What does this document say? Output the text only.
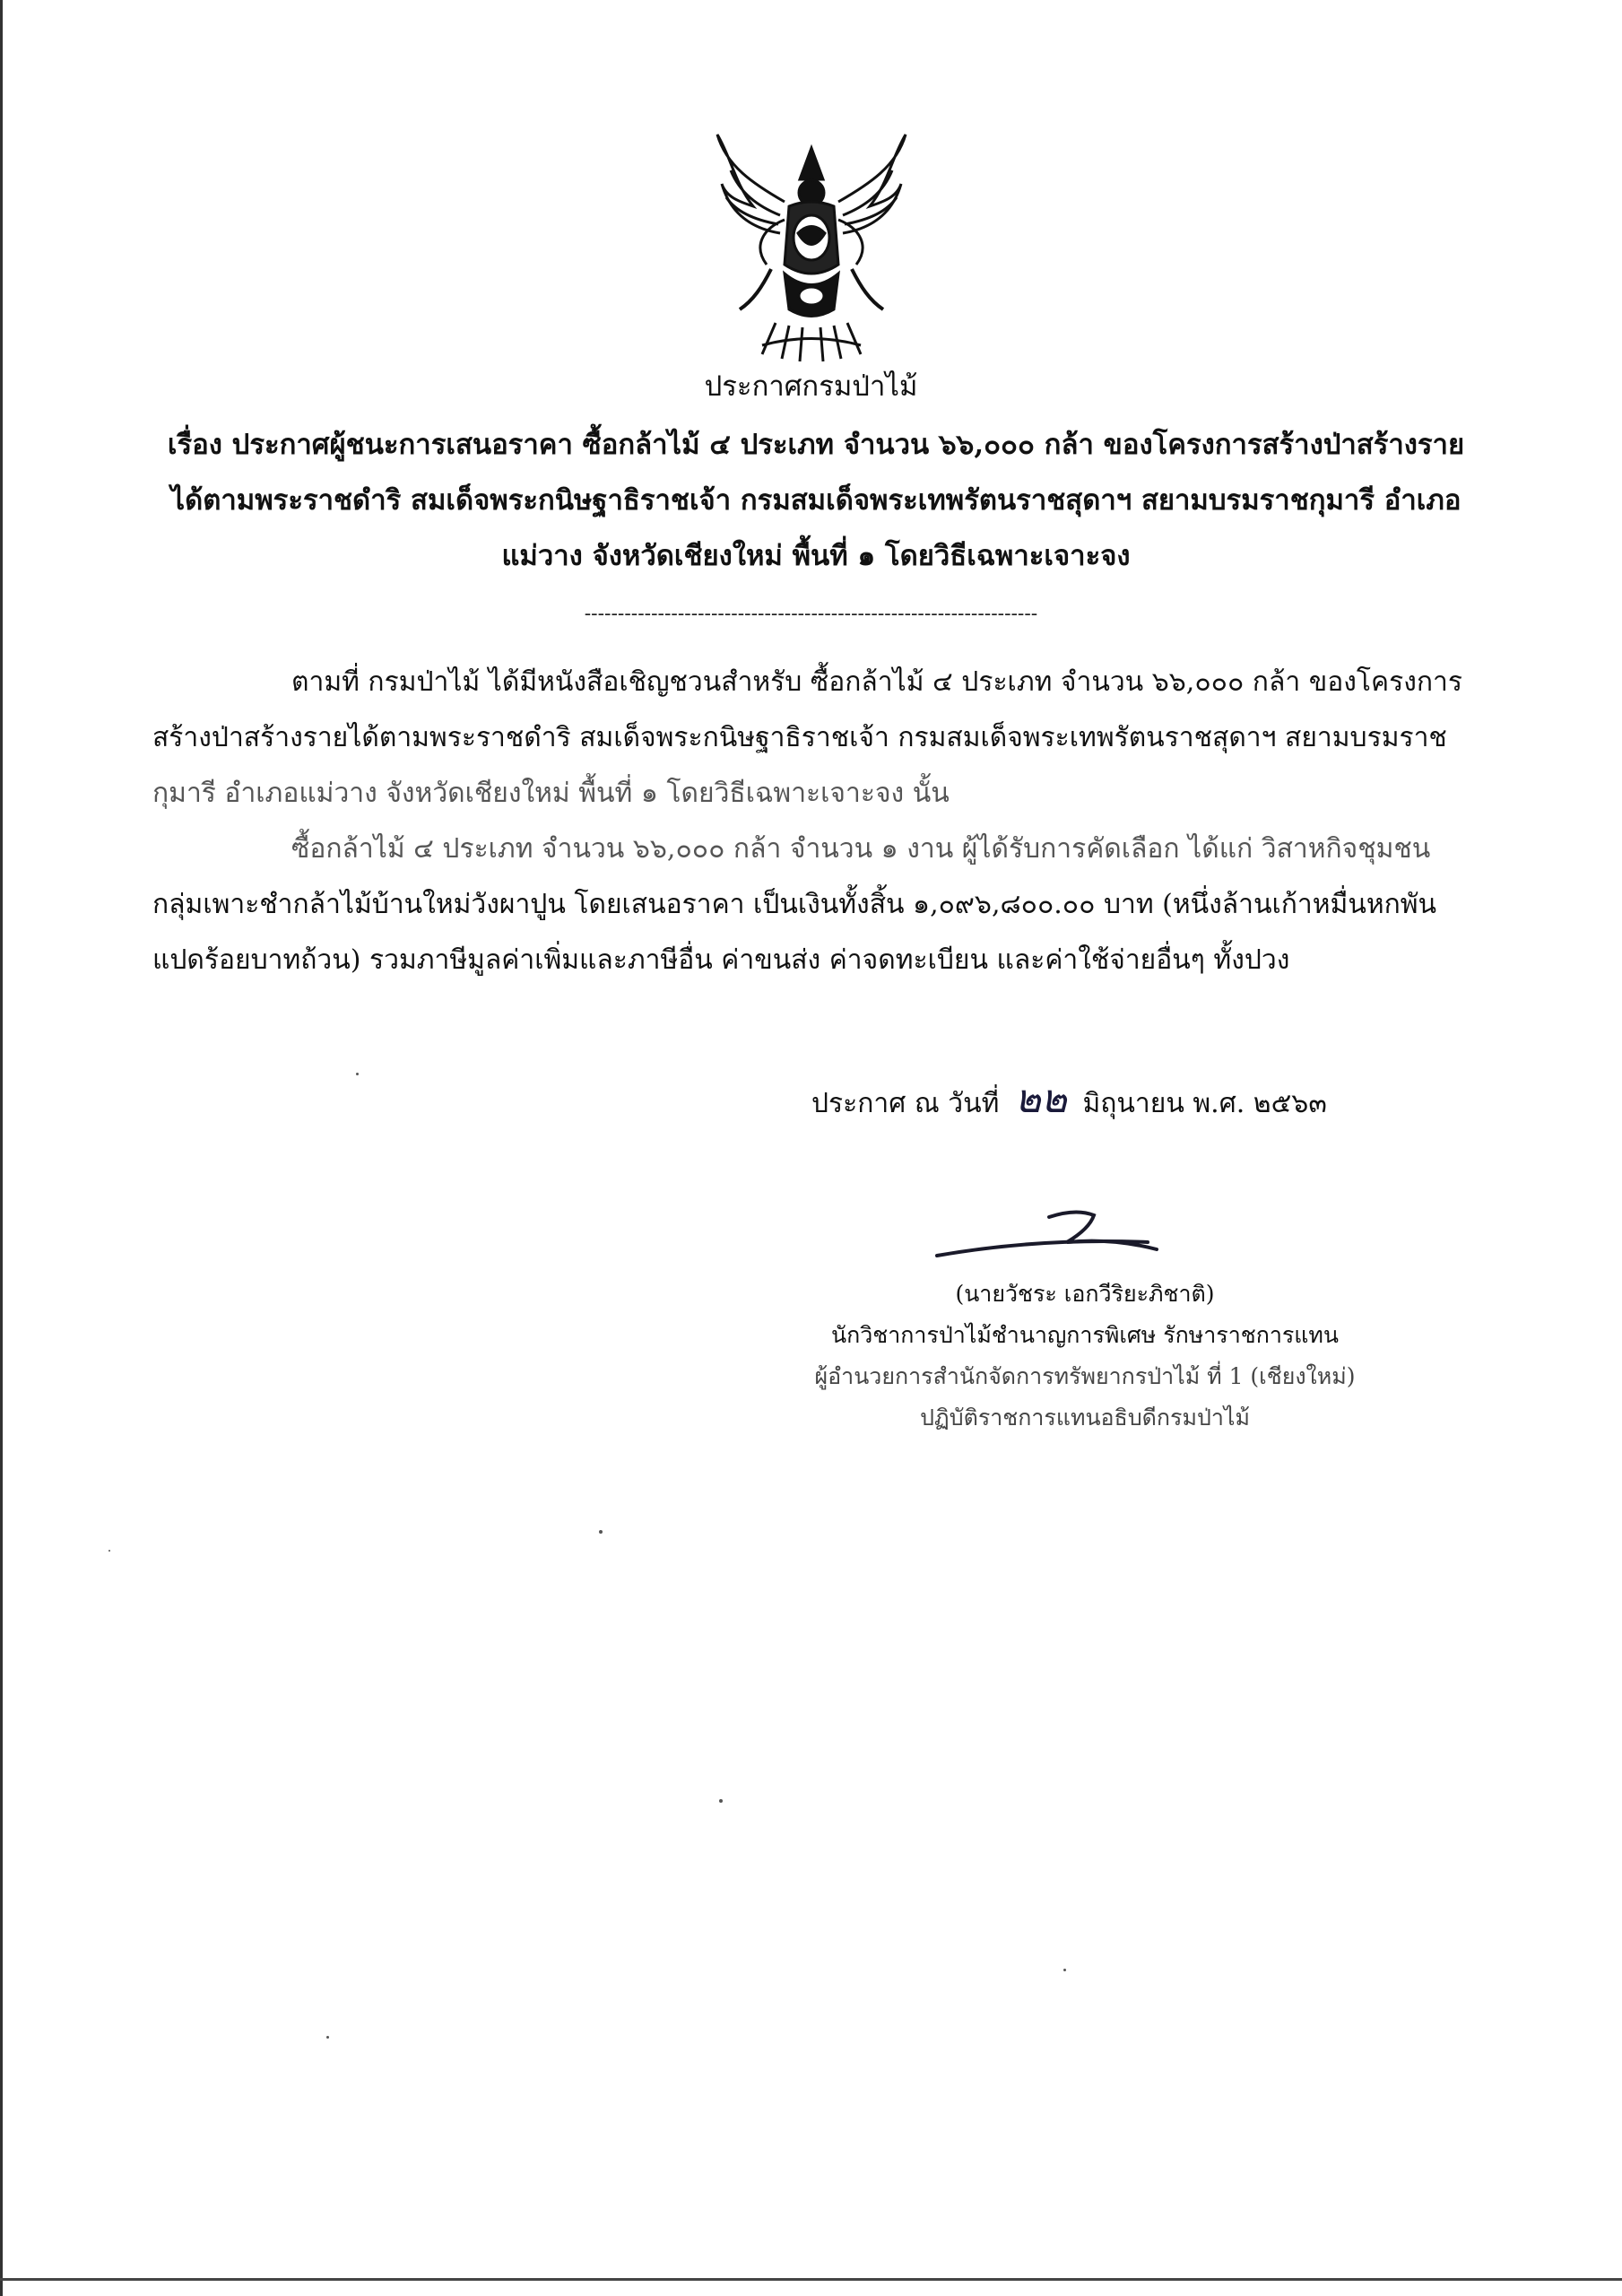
ประกาศกรมป่าไม้
เรื่อง ประกาศผู้ชนะการเสนอราคา ซื้อกล้าไม้ ๔ ประเภท จำนวน ๖๖,๐๐๐ กล้า ของโครงการสร้างป่าสร้างราย
ได้ตามพระราชดำริ สมเด็จพระกนิษฐาธิราชเจ้า กรมสมเด็จพระเทพรัตนราชสุดาฯ สยามบรมราชกุมารี อำเภอ
แม่วาง จังหวัดเชียงใหม่ พื้นที่ ๑ โดยวิธีเฉพาะเจาะจง
--------------------------------------------------------------------
ตามที่ กรมป่าไม้ ได้มีหนังสือเชิญชวนสำหรับ ซื้อกล้าไม้ ๔ ประเภท จำนวน ๖๖,๐๐๐ กล้า ของโครงการ
สร้างป่าสร้างรายได้ตามพระราชดำริ สมเด็จพระกนิษฐาธิราชเจ้า กรมสมเด็จพระเทพรัตนราชสุดาฯ สยามบรมราช
กุมารี อำเภอแม่วาง จังหวัดเชียงใหม่ พื้นที่ ๑ โดยวิธีเฉพาะเจาะจง นั้น
ซื้อกล้าไม้ ๔ ประเภท จำนวน ๖๖,๐๐๐ กล้า จำนวน ๑ งาน ผู้ได้รับการคัดเลือก ได้แก่ วิสาหกิจชุมชน
กลุ่มเพาะชำกล้าไม้บ้านใหม่วังผาปูน โดยเสนอราคา เป็นเงินทั้งสิ้น ๑,๐๙๖,๘๐๐.๐๐ บาท (หนึ่งล้านเก้าหมื่นหกพัน
แปดร้อยบาทถ้วน) รวมภาษีมูลค่าเพิ่มและภาษีอื่น ค่าขนส่ง ค่าจดทะเบียน และค่าใช้จ่ายอื่นๆ ทั้งปวง
ประกาศ ณ วันที่ ๒๒ มิถุนายน พ.ศ. ๒๕๖๓
(นายวัชระ เอกวีริยะภิชาติ)
นักวิชาการป่าไม้ชำนาญการพิเศษ รักษาราชการแทน
ผู้อำนวยการสำนักจัดการทรัพยากรป่าไม้ ที่ 1 (เชียงใหม่)
ปฏิบัติราชการแทนอธิบดีกรมป่าไม้
